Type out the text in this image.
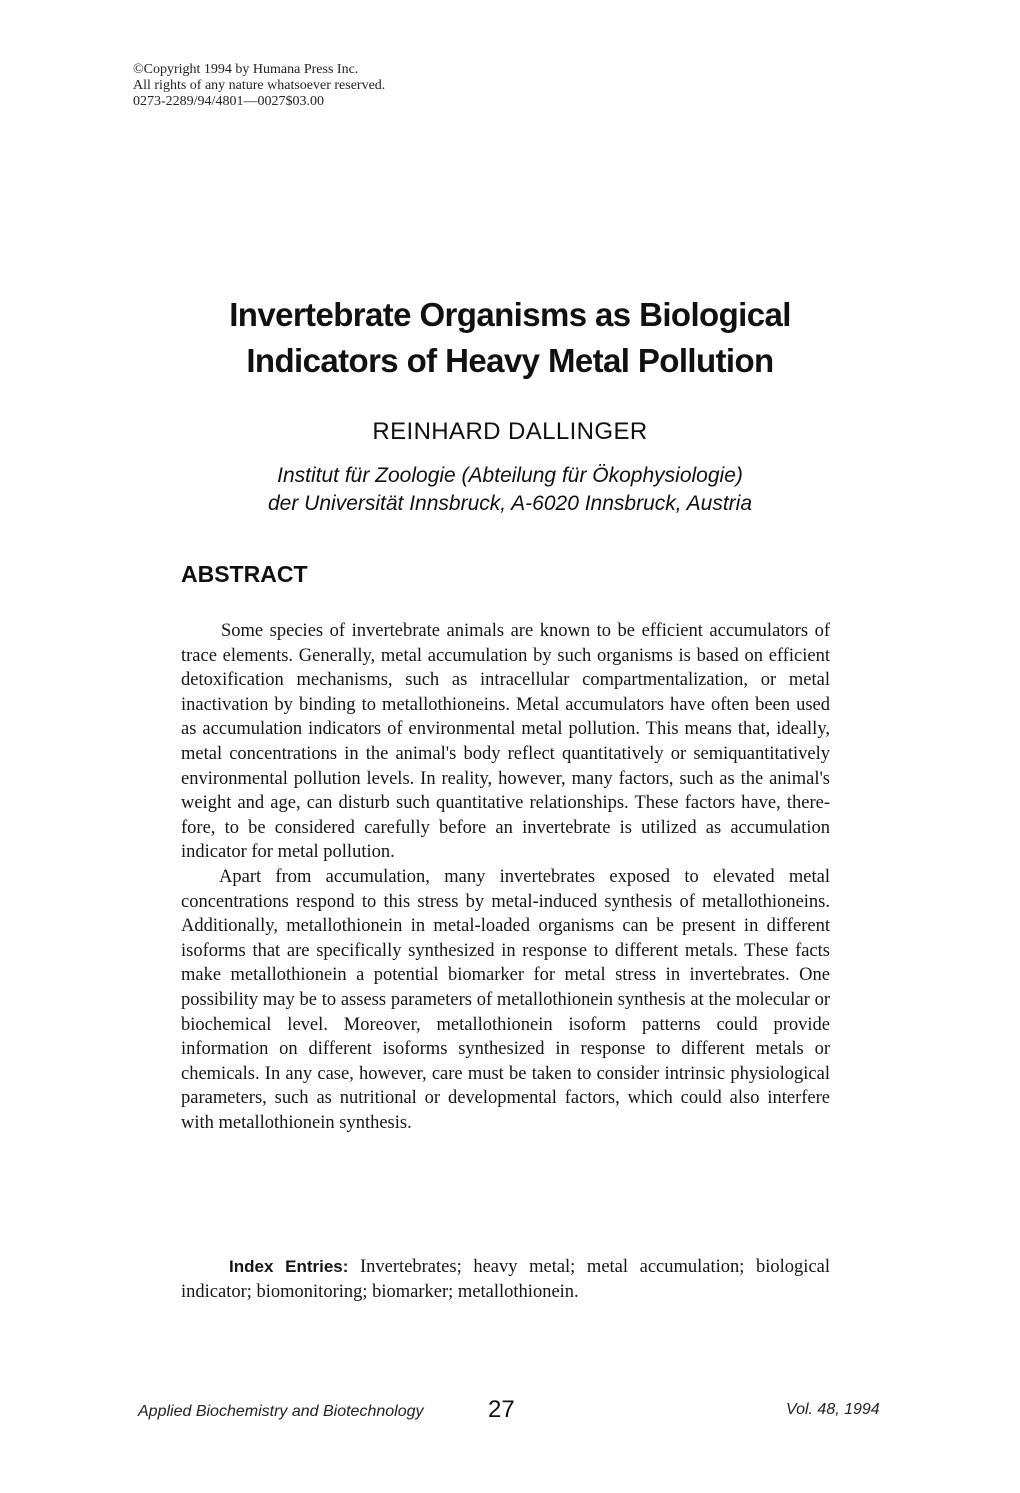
©Copyright 1994 by Humana Press Inc.
All rights of any nature whatsoever reserved.
0273-2289/94/4801—0027$03.00
Invertebrate Organisms as Biological
Indicators of Heavy Metal Pollution
REINHARD DALLINGER
Institut für Zoologie (Abteilung für Ökophysiologie)
der Universität Innsbruck, A-6020 Innsbruck, Austria
ABSTRACT

Some species of invertebrate animals are known to be efficient accumulators of trace elements. Generally, metal accumulation by such organisms is based on efficient detoxification mechanisms, such as intracellular compartmentalization, or metal inactivation by binding to metallothioneins. Metal accumulators have often been used as accumulation indicators of environmental metal pollution. This means that, ideally, metal concentrations in the animal's body reflect quantitatively or semiquantitatively environmental pollution levels. In reality, however, many factors, such as the animal's weight and age, can disturb such quantitative relationships. These factors have, therefore, to be considered carefully before an invertebrate is utilized as accumulation indicator for metal pollution.

Apart from accumulation, many invertebrates exposed to elevated metal concentrations respond to this stress by metal-induced synthesis of metallothioneins. Additionally, metallothionein in metal-loaded organisms can be present in different isoforms that are specifically synthesized in response to different metals. These facts make metallothionein a potential biomarker for metal stress in invertebrates. One possibility may be to assess parameters of metallothionein synthesis at the molecular or biochemical level. Moreover, metallothionein isoform patterns could provide information on different isoforms synthesized in response to different metals or chemicals. In any case, however, care must be taken to consider intrinsic physiological parameters, such as nutritional or developmental factors, which could also interfere with metallothionein synthesis.

Index Entries: Invertebrates; heavy metal; metal accumulation; biological indicator; biomonitoring; biomarker; metallothionein.

Applied Biochemistry and Biotechnology	27	Vol. 48, 1994
